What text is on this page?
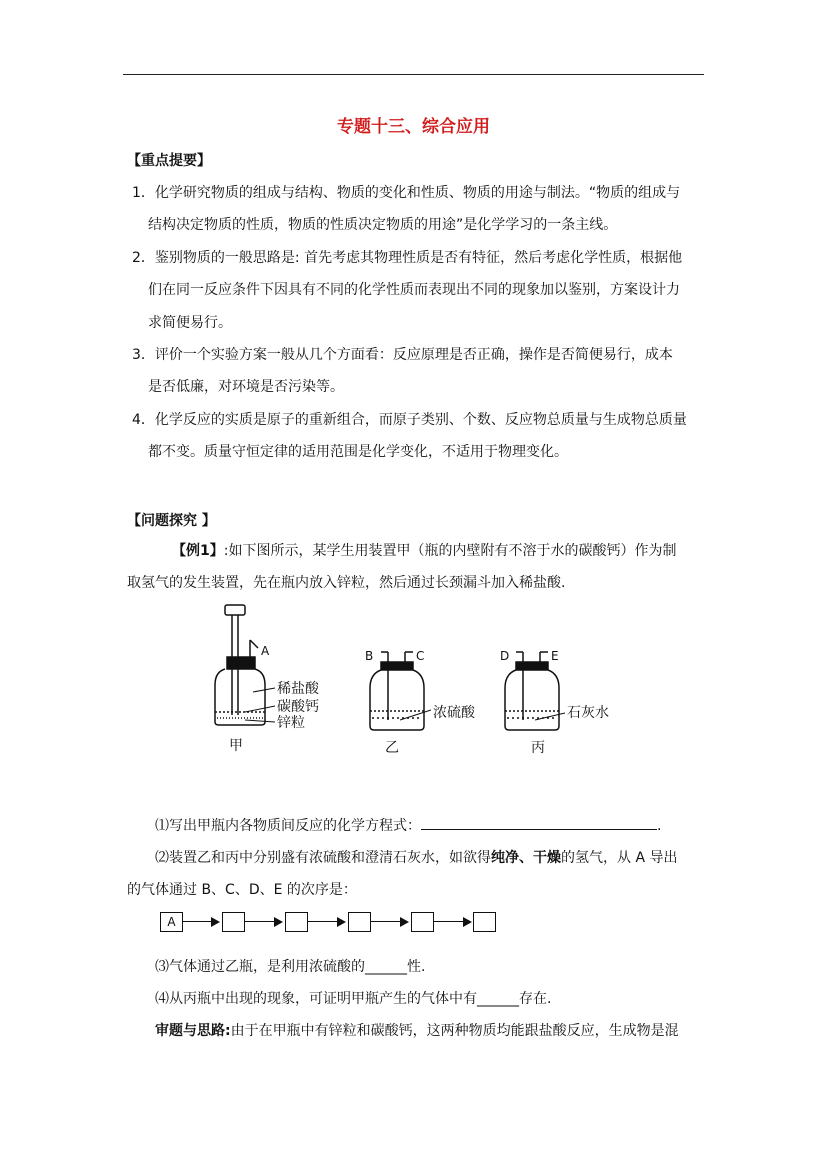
专题十三、综合应用
【重点提要】
1．化学研究物质的组成与结构、物质的变化和性质、物质的用途与制法。“物质的组成与
结构决定物质的性质，物质的性质决定物质的用途”是化学学习的一条主线。
2．鉴别物质的一般思路是: 首先考虑其物理性质是否有特征，然后考虑化学性质，根据他
们在同一反应条件下因具有不同的化学性质而表现出不同的现象加以鉴别，方案设计力
求简便易行。
3．评价一个实验方案一般从几个方面看：反应原理是否正确，操作是否简便易行，成本
是否低廉，对环境是否污染等。
4．化学反应的实质是原子的重新组合，而原子类别、个数、反应物总质量与生成物总质量
都不变。质量守恒定律的适用范围是化学变化，不适用于物理变化。
【问题探究 】
【例1】:如下图所示，某学生用装置甲（瓶的内壁附有不溶于水的碳酸钙）作为制
取氢气的发生装置，先在瓶内放入锌粒，然后通过长颈漏斗加入稀盐酸.
A
稀盐酸
碳酸钙
锌粒
甲
B	C
浓硫酸
乙
D	E
石灰水
丙
⑴写出甲瓶内各物质间反应的化学方程式：	.
⑵装置乙和丙中分别盛有浓硫酸和澄清石灰水，如欲得纯净、干燥的氢气，从 A 导出
的气体通过 B、C、D、E 的次序是：
A
⑶气体通过乙瓶，是利用浓硫酸的______性.
⑷从丙瓶中出现的现象，可证明甲瓶产生的气体中有______存在.
审题与思路:由于在甲瓶中有锌粒和碳酸钙，这两种物质均能跟盐酸反应，生成物是混
